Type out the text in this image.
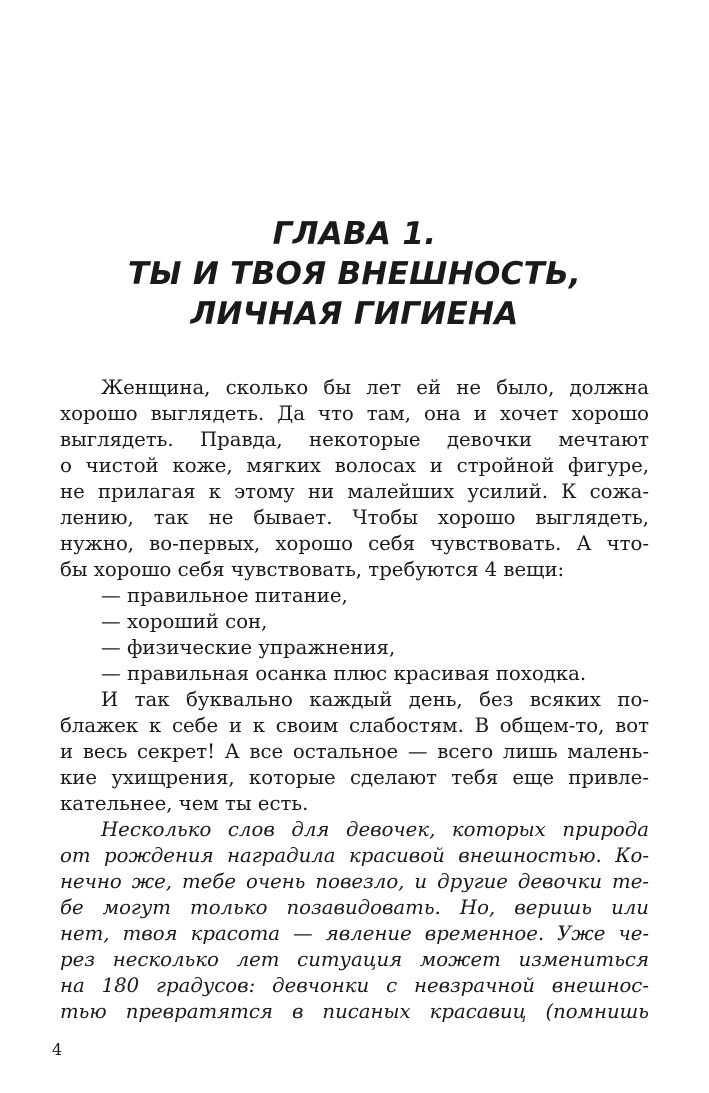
ГЛАВА 1.
ТЫ И ТВОЯ ВНЕШНОСТЬ,
ЛИЧНАЯ ГИГИЕНА
Женщина, сколько бы лет ей не было, должна
хорошо выглядеть. Да что там, она и хочет хорошо
выглядеть. Правда, некоторые девочки мечтают
о чистой коже, мягких волосах и стройной фигуре,
не прилагая к этому ни малейших усилий. К сожа-
лению, так не бывает. Чтобы хорошо выглядеть,
нужно, во-первых, хорошо себя чувствовать. А что-
бы хорошо себя чувствовать, требуются 4 вещи:
— правильное питание,
— хороший сон,
— физические упражнения,
— правильная осанка плюс красивая походка.
И так буквально каждый день, без всяких по-
блажек к себе и к своим слабостям. В общем-то, вот
и весь секрет! А все остальное — всего лишь малень-
кие ухищрения, которые сделают тебя еще привле-
кательнее, чем ты есть.
Несколько слов для девочек, которых природа
от рождения наградила красивой внешностью. Ко-
нечно же, тебе очень повезло, и другие девочки те-
бе могут только позавидовать. Но, веришь или
нет, твоя красота — явление временное. Уже че-
рез несколько лет ситуация может измениться
на 180 градусов: девчонки с невзрачной внешнос-
тью превратятся в писаных красавиц (помнишь
4
